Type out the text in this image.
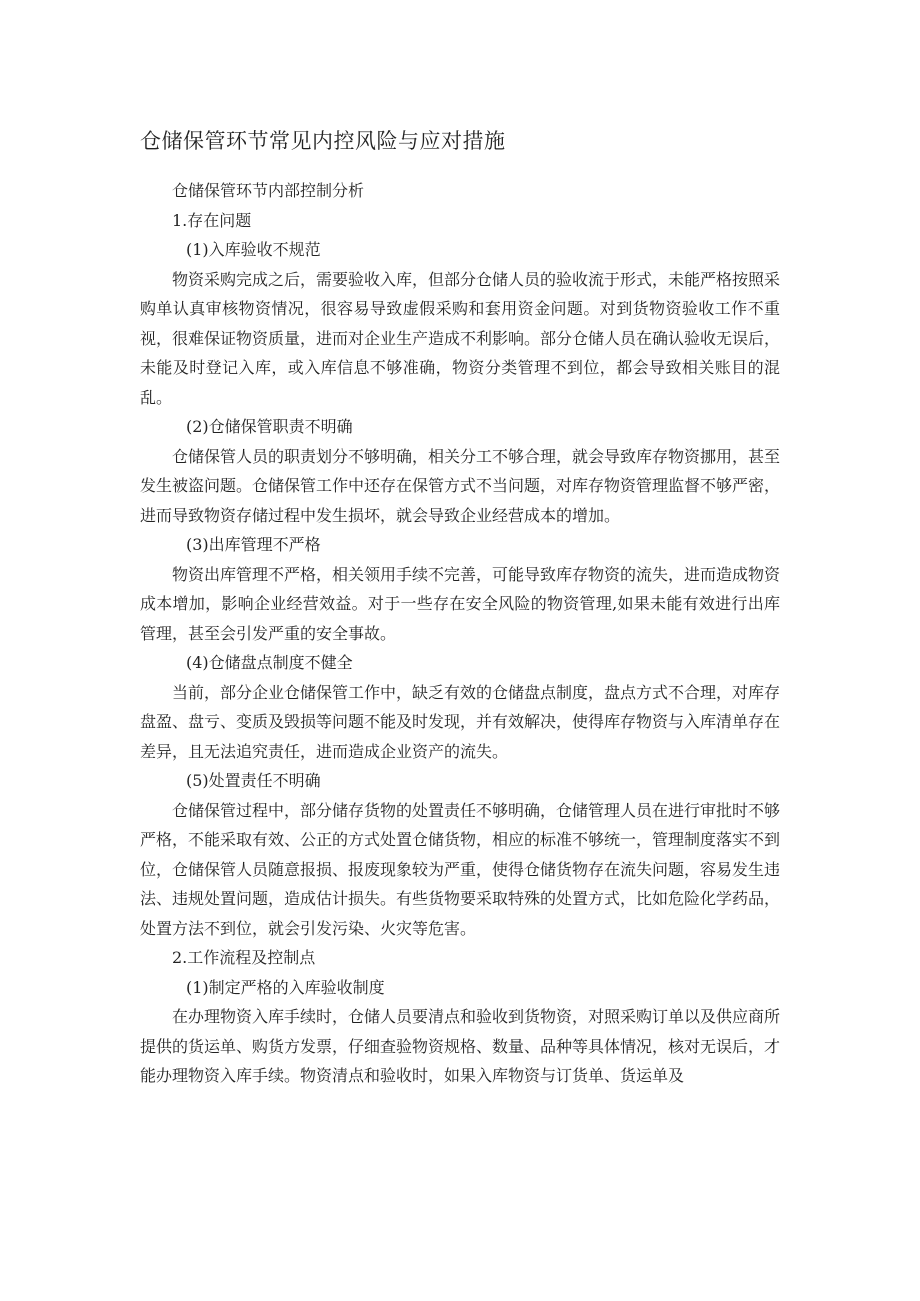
仓储保管环节常见内控风险与应对措施

仓储保管环节内部控制分析

1.存在问题

(1)入库验收不规范

物资采购完成之后，需要验收入库，但部分仓储人员的验收流于形式，未能严格按照采购单认真审核物资情况，很容易导致虚假采购和套用资金问题。对到货物资验收工作不重视，很难保证物资质量，进而对企业生产造成不利影响。部分仓储人员在确认验收无误后，未能及时登记入库，或入库信息不够准确，物资分类管理不到位，都会导致相关账目的混乱。

(2)仓储保管职责不明确

仓储保管人员的职责划分不够明确，相关分工不够合理，就会导致库存物资挪用，甚至发生被盗问题。仓储保管工作中还存在保管方式不当问题，对库存物资管理监督不够严密，进而导致物资存储过程中发生损坏，就会导致企业经营成本的增加。

(3)出库管理不严格

物资出库管理不严格，相关领用手续不完善，可能导致库存物资的流失，进而造成物资成本增加，影响企业经营效益。对于一些存在安全风险的物资管理,如果未能有效进行出库管理，甚至会引发严重的安全事故。

(4)仓储盘点制度不健全

当前，部分企业仓储保管工作中，缺乏有效的仓储盘点制度，盘点方式不合理，对库存盘盈、盘亏、变质及毁损等问题不能及时发现，并有效解决，使得库存物资与入库清单存在差异，且无法追究责任，进而造成企业资产的流失。

(5)处置责任不明确

仓储保管过程中，部分储存货物的处置责任不够明确，仓储管理人员在进行审批时不够严格，不能采取有效、公正的方式处置仓储货物，相应的标准不够统一，管理制度落实不到位，仓储保管人员随意报损、报废现象较为严重，使得仓储货物存在流失问题，容易发生违法、违规处置问题，造成估计损失。有些货物要采取特殊的处置方式，比如危险化学药品，处置方法不到位，就会引发污染、火灾等危害。

2.工作流程及控制点

(1)制定严格的入库验收制度

在办理物资入库手续时，仓储人员要清点和验收到货物资，对照采购订单以及供应商所提供的货运单、购货方发票，仔细查验物资规格、数量、品种等具体情况，核对无误后，才能办理物资入库手续。物资清点和验收时，如果入库物资与订货单、货运单及
